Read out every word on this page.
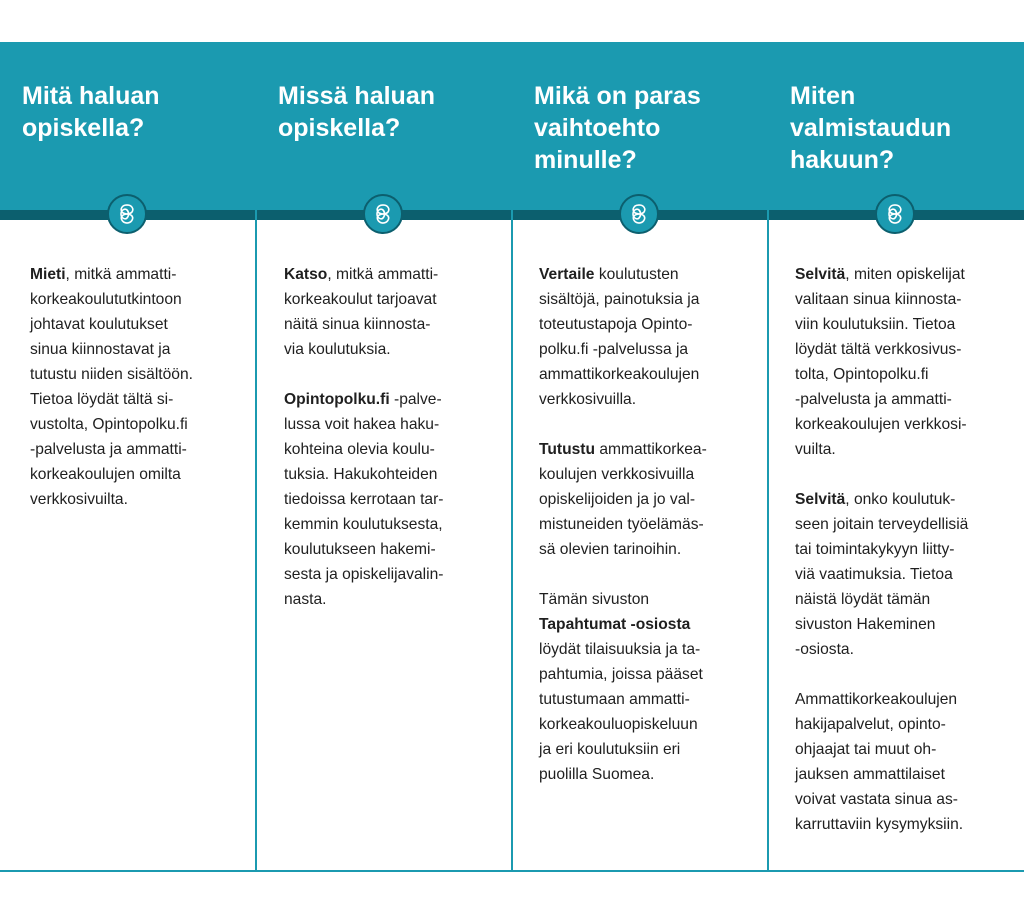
Mitä haluan
opiskella?
Mieti, mitkä ammatti-
korkeakoulututkintoon
johtavat koulutukset
sinua kiinnostavat ja
tutustu niiden sisältöön.
Tietoa löydät tältä si-
vustolta, Opintopolku.fi
-palvelusta ja ammatti-
korkeakoulujen omilta
verkkosivuilta.
Missä haluan
opiskella?
Katso, mitkä ammatti-
korkeakoulut tarjoavat
näitä sinua kiinnosta-
via koulutuksia.
Opintopolku.fi -palve-
lussa voit hakea haku-
kohteina olevia koulu-
tuksia. Hakukohteiden
tiedoissa kerrotaan tar-
kemmin koulutuksesta,
koulutukseen hakemi-
sesta ja opiskelijavalin-
nasta.
Mikä on paras
vaihtoehto
minulle?
Vertaile koulutusten
sisältöjä, painotuksia ja
toteutustapoja Opinto-
polku.fi -palvelussa ja
ammattikorkeakoulujen
verkkosivuilla.
Tutustu ammattikorkea-
koulujen verkkosivuilla
opiskelijoiden ja jo val-
mistuneiden työelämäs-
sä olevien tarinoihin.
Tämän sivuston
Tapahtumat -osiosta
löydät tilaisuuksia ja ta-
pahtumia, joissa pääset
tutustumaan ammatti-
korkeakouluopiskeluun
ja eri koulutuksiin eri
puolilla Suomea.
Miten
valmistaudun
hakuun?
Selvitä, miten opiskelijat
valitaan sinua kiinnosta-
viin koulutuksiin. Tietoa
löydät tältä verkkosivus-
tolta, Opintopolku.fi
-palvelusta ja ammatti-
korkeakoulujen verkkosi-
vuilta.
Selvitä, onko koulutuk-
seen joitain terveydellisiä
tai toimintakykyyn liitty-
viä vaatimuksia. Tietoa
näistä löydät tämän
sivuston Hakeminen
-osiosta.
Ammattikorkeakoulujen
hakijapalvelut, opinto-
ohjaajat tai muut oh-
jauksen ammattilaiset
voivat vastata sinua as-
karruttaviin kysymyksiin.
